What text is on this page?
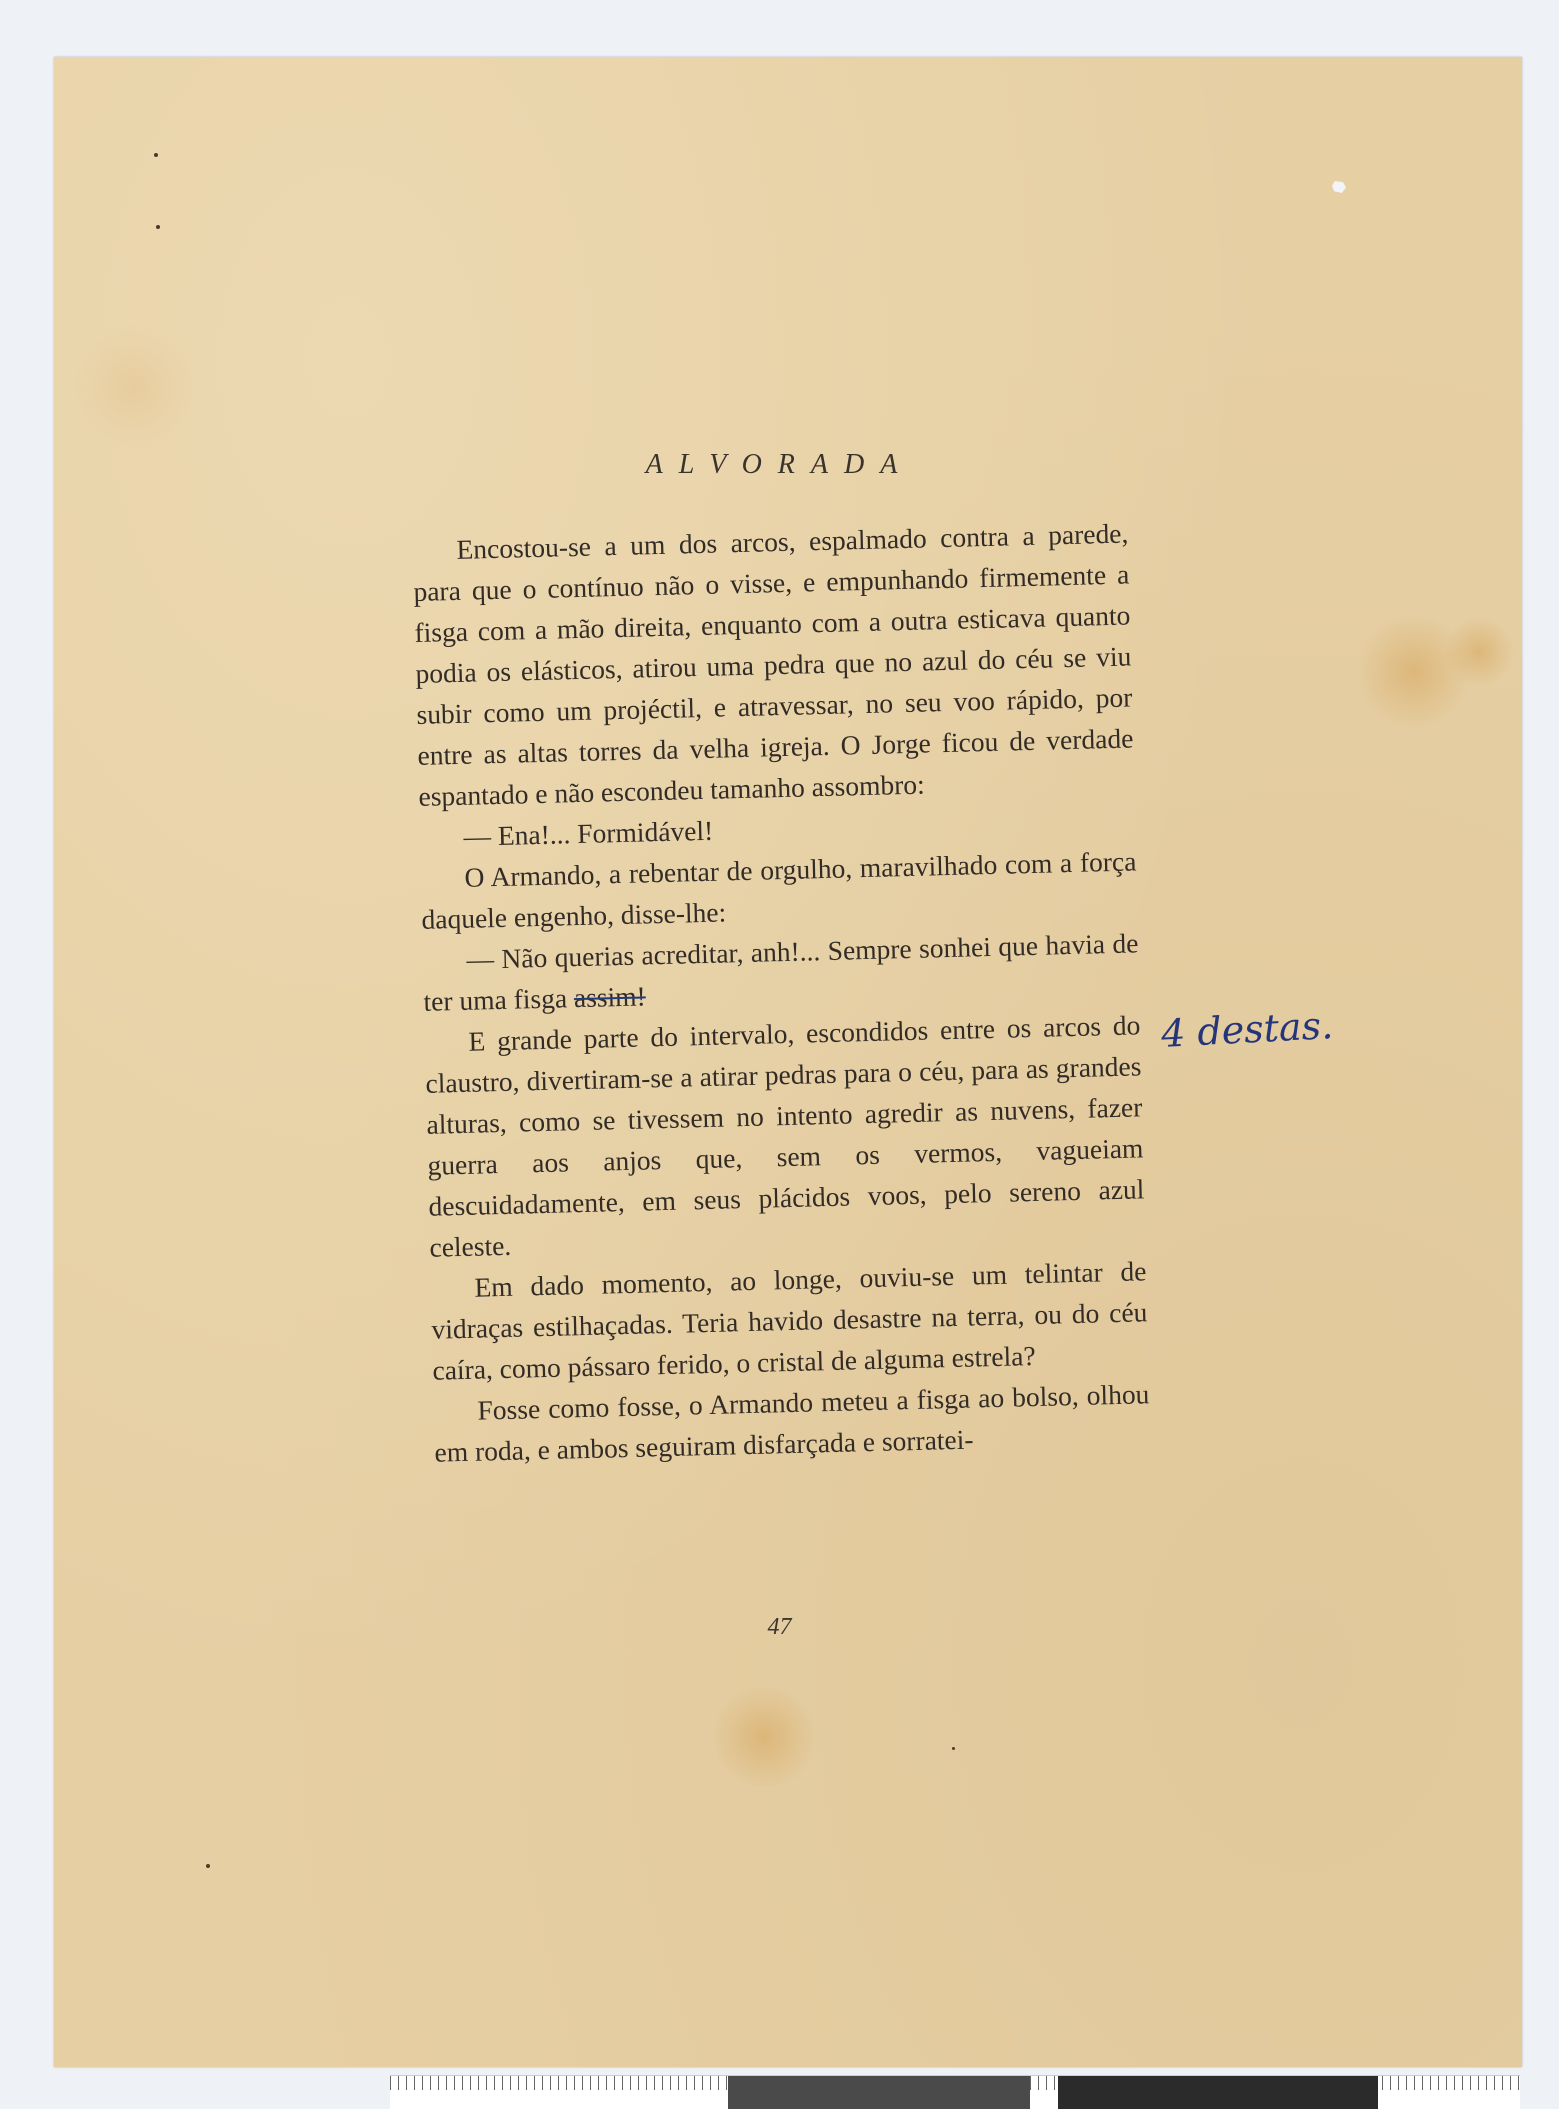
ALVORADA

Encostou-se a um dos arcos, espalmado contra a parede, para que o contínuo não o visse, e empunhando firmemente a fisga com a mão direita, enquanto com a outra esticava quanto podia os elásticos, atirou uma pedra que no azul do céu se viu subir como um projéctil, e atravessar, no seu voo rápido, por entre as altas torres da velha igreja. O Jorge ficou de verdade espantado e não escondeu tamanho assombro:

— Ena!... Formidável!

O Armando, a rebentar de orgulho, maravilhado com a força daquele engenho, disse-lhe:

— Não querias acreditar, anh!... Sempre sonhei que havia de ter uma fisga assim!

E grande parte do intervalo, escondidos entre os arcos do claustro, divertiram-se a atirar pedras para o céu, para as grandes alturas, como se tivessem no intento agredir as nuvens, fazer guerra aos anjos que, sem os vermos, vagueiam descuidadamente, em seus plácidos voos, pelo sereno azul celeste.

Em dado momento, ao longe, ouviu-se um telintar de vidraças estilhaçadas. Teria havido desastre na terra, ou do céu caíra, como pássaro ferido, o cristal de alguma estrela?

Fosse como fosse, o Armando meteu a fisga ao bolso, olhou em roda, e ambos seguiram disfarçada e sorratei-

4 destas.
47
